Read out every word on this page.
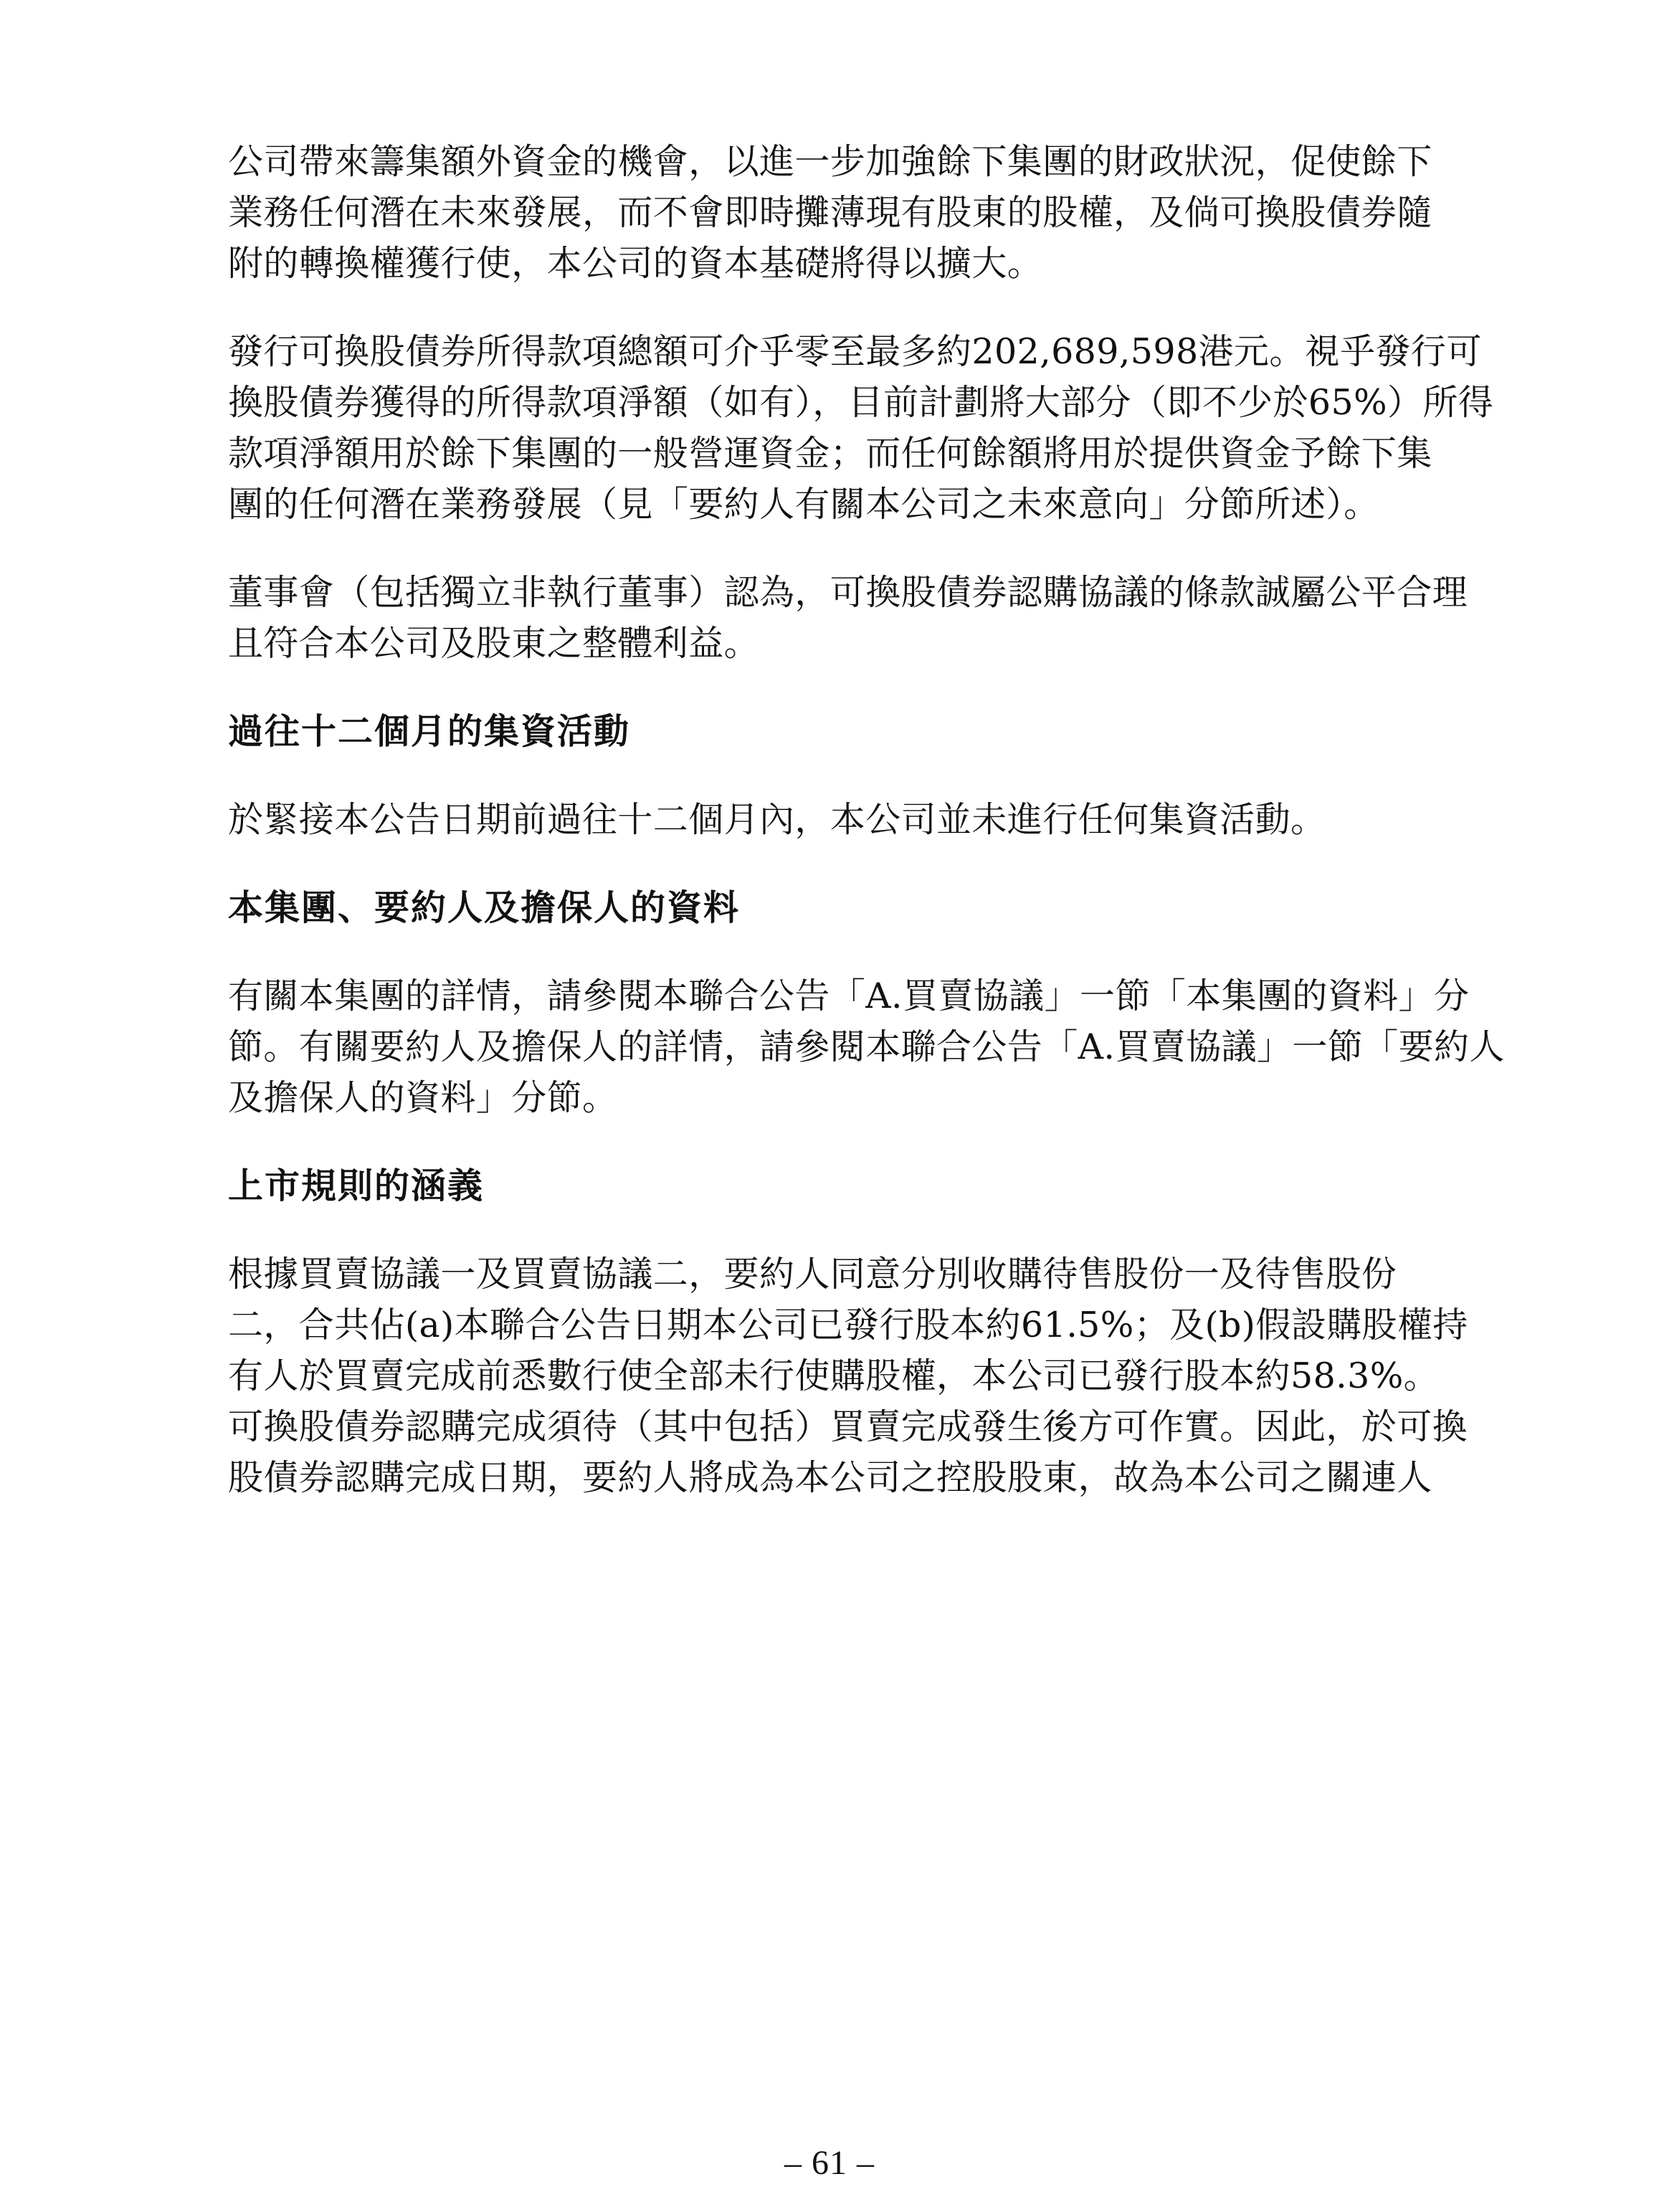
公司帶來籌集額外資金的機會，以進一步加強餘下集團的財政狀況，促使餘下
業務任何潛在未來發展，而不會即時攤薄現有股東的股權，及倘可換股債券隨
附的轉換權獲行使，本公司的資本基礎將得以擴大。

發行可換股債券所得款項總額可介乎零至最多約202,689,598港元。視乎發行可
換股債券獲得的所得款項淨額（如有），目前計劃將大部分（即不少於65%）所得
款項淨額用於餘下集團的一般營運資金；而任何餘額將用於提供資金予餘下集
團的任何潛在業務發展（見「要約人有關本公司之未來意向」分節所述）。

董事會（包括獨立非執行董事）認為，可換股債券認購協議的條款誠屬公平合理
且符合本公司及股東之整體利益。

過往十二個月的集資活動

於緊接本公告日期前過往十二個月內，本公司並未進行任何集資活動。

本集團、要約人及擔保人的資料

有關本集團的詳情，請參閱本聯合公告「A.買賣協議」一節「本集團的資料」分
節。有關要約人及擔保人的詳情，請參閱本聯合公告「A.買賣協議」一節「要約人
及擔保人的資料」分節。

上市規則的涵義

根據買賣協議一及買賣協議二，要約人同意分別收購待售股份一及待售股份
二，合共佔(a)本聯合公告日期本公司已發行股本約61.5%；及(b)假設購股權持
有人於買賣完成前悉數行使全部未行使購股權，本公司已發行股本約58.3%。
可換股債券認購完成須待（其中包括）買賣完成發生後方可作實。因此，於可換
股債券認購完成日期，要約人將成為本公司之控股股東，故為本公司之關連人

– 61 –
